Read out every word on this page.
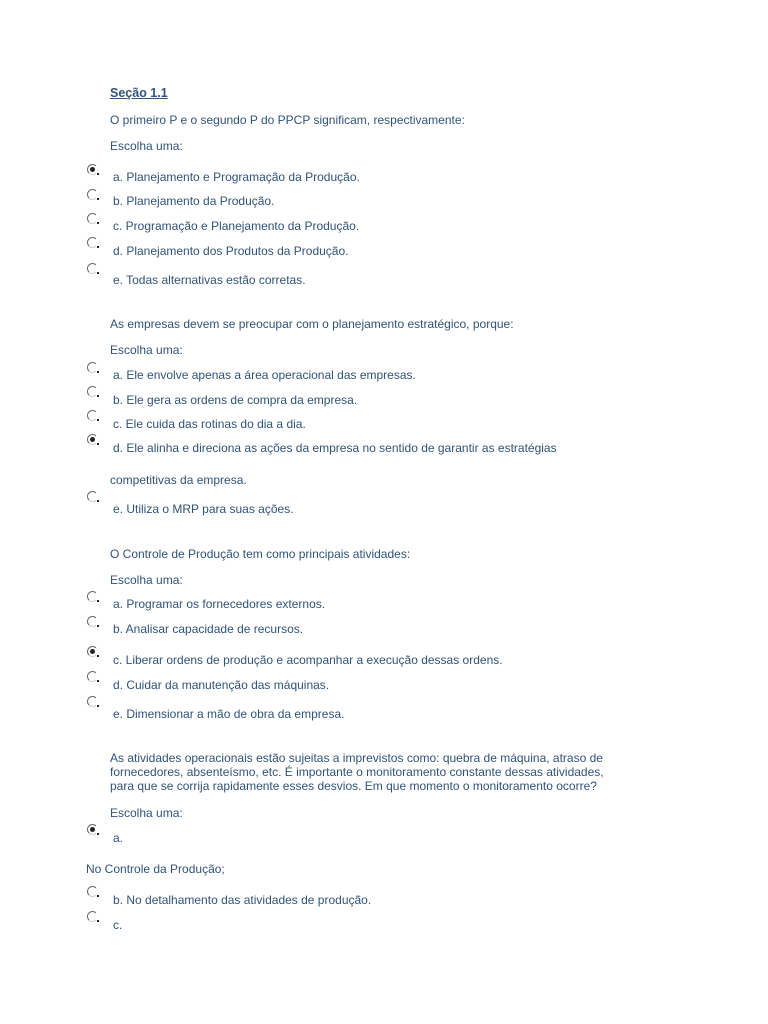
Seção 1.1
O primeiro P e o segundo P do PPCP significam, respectivamente:
Escolha uma:
a. Planejamento e Programação da Produção.
b. Planejamento da Produção.
c. Programação e Planejamento da Produção.
d. Planejamento dos Produtos da Produção.
e. Todas alternativas estão corretas.
As empresas devem se preocupar com o planejamento estratégico, porque:
Escolha uma:
a. Ele envolve apenas a área operacional das empresas.
b. Ele gera as ordens de compra da empresa.
c. Ele cuida das rotinas do dia a dia.
d. Ele alinha e direciona as ações da empresa no sentido de garantir as estratégias
competitivas da empresa.
e. Utiliza o MRP para suas ações.
O Controle de Produção tem como principais atividades:
Escolha uma:
a. Programar os fornecedores externos.
b. Analisar capacidade de recursos.
c. Liberar ordens de produção e acompanhar a execução dessas ordens.
d. Cuidar da manutenção das máquinas.
e. Dimensionar a mão de obra da empresa.
As atividades operacionais estão sujeitas a imprevistos como: quebra de máquina, atraso de
fornecedores, absenteísmo, etc. É importante o monitoramento constante dessas atividades,
para que se corrija rapidamente esses desvios. Em que momento o monitoramento ocorre?
Escolha uma:
a.
No Controle da Produção;
b. No detalhamento das atividades de produção.
c.
